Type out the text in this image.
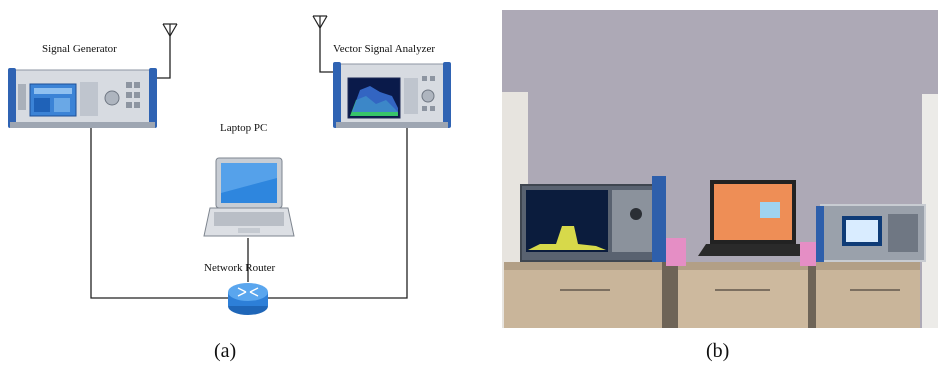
Signal Generator	Vector Signal Analyzer
Laptop PC
Network Router
(a)	(b)
